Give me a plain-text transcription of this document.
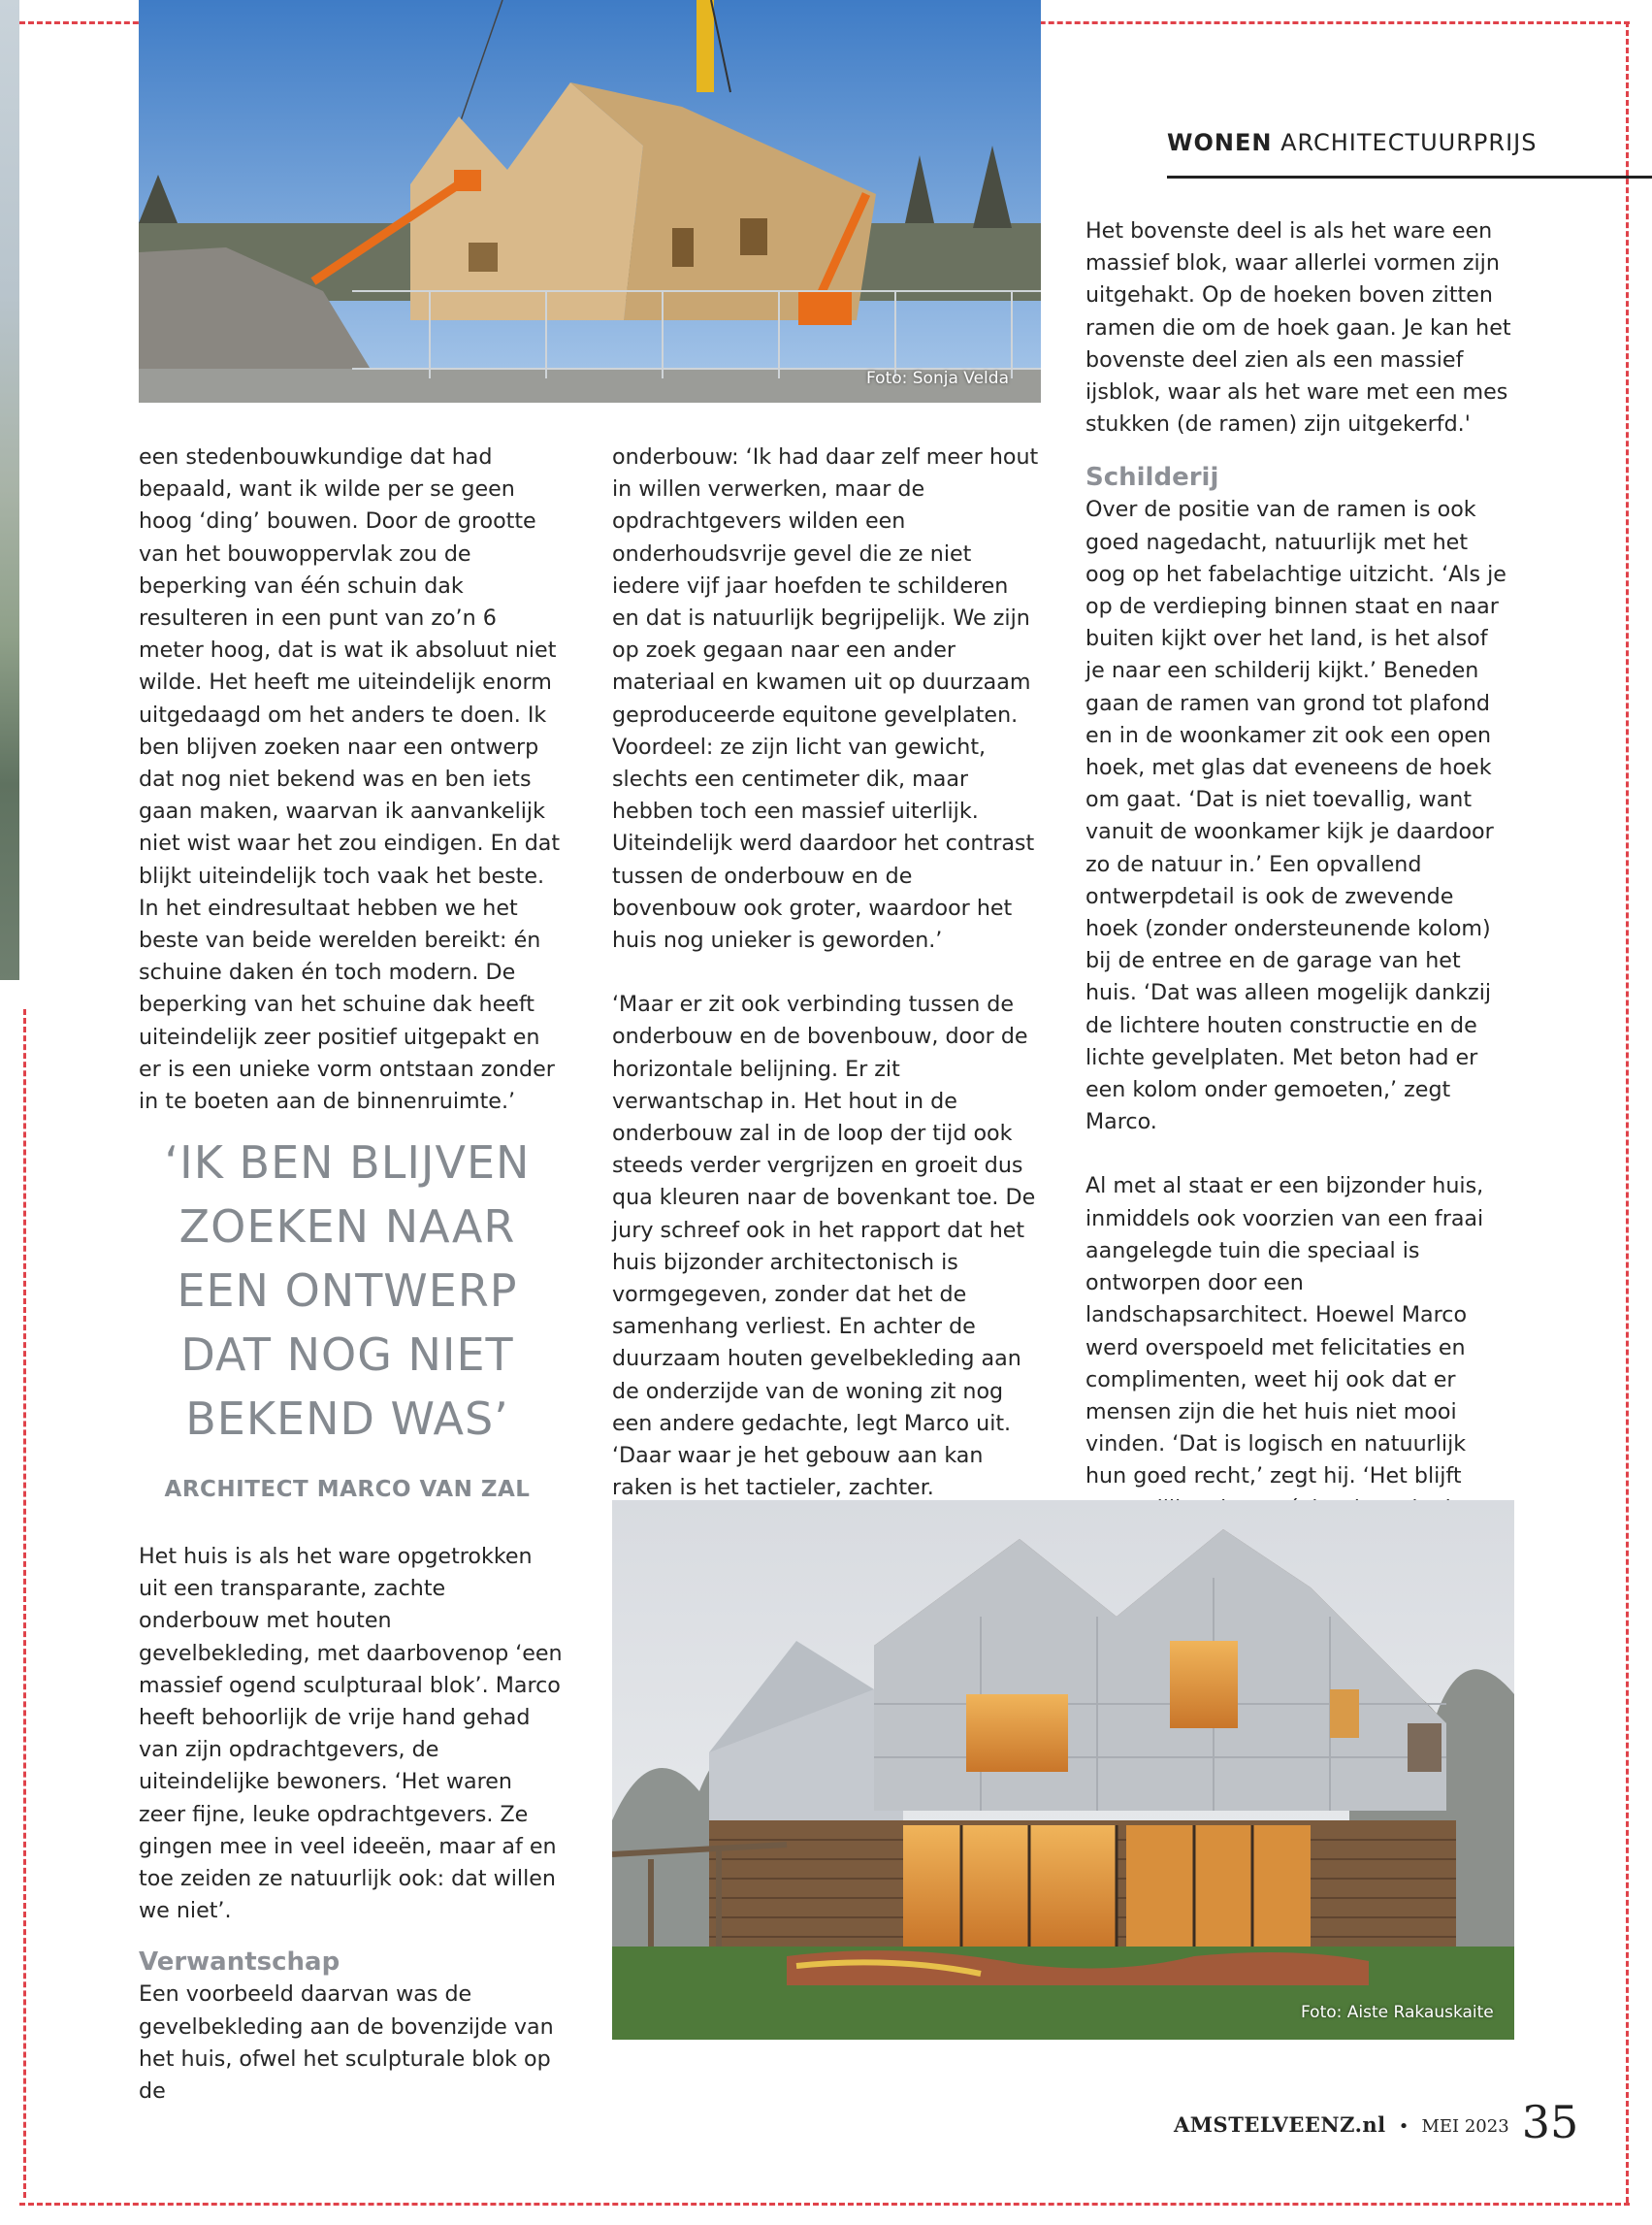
WONEN ARCHITECTUURPRIJS
Foto: Sonja Velda

een stedenbouwkundige dat had bepaald, want ik wilde per se geen hoog ‘ding’ bouwen. Door de grootte van het bouwoppervlak zou de beperking van één schuin dak resulteren in een punt van zo’n 6 meter hoog, dat is wat ik absoluut niet wilde. Het heeft me uiteindelijk enorm uitgedaagd om het anders te doen. Ik ben blijven zoeken naar een ontwerp dat nog niet bekend was en ben iets gaan maken, waarvan ik aanvankelijk niet wist waar het zou eindigen. En dat blijkt uiteindelijk toch vaak het beste. In het eindresultaat hebben we het beste van beide werelden bereikt: én schuine daken én toch modern. De beperking van het schuine dak heeft uiteindelijk zeer positief uitgepakt en er is een unieke vorm ontstaan zonder in te boeten aan de binnenruimte.’

‘IK BEN BLIJVEN ZOEKEN NAAR EEN ONTWERP DAT NOG NIET BEKEND WAS’
ARCHITECT MARCO VAN ZAL

Het huis is als het ware opgetrokken uit een transparante, zachte onderbouw met houten gevelbekleding, met daarbovenop ‘een massief ogend sculpturaal blok’. Marco heeft behoorlijk de vrije hand gehad van zijn opdrachtgevers, de uiteindelijke bewoners. ‘Het waren zeer fijne, leuke opdrachtgevers. Ze gingen mee in veel ideeën, maar af en toe zeiden ze natuurlijk ook: dat willen we niet’.

Verwantschap

Een voorbeeld daarvan was de gevelbekleding aan de bovenzijde van het huis, ofwel het sculpturale blok op de

onderbouw: ‘Ik had daar zelf meer hout in willen verwerken, maar de opdrachtgevers wilden een onderhoudsvrije gevel die ze niet iedere vijf jaar hoefden te schilderen en dat is natuurlijk begrijpelijk. We zijn op zoek gegaan naar een ander materiaal en kwamen uit op duurzaam geproduceerde equitone gevelplaten. Voordeel: ze zijn licht van gewicht, slechts een centimeter dik, maar hebben toch een massief uiterlijk. Uiteindelijk werd daardoor het contrast tussen de onderbouw en de bovenbouw ook groter, waardoor het huis nog unieker is geworden.’

‘Maar er zit ook verbinding tussen de onderbouw en de bovenbouw, door de horizontale belijning. Er zit verwantschap in. Het hout in de onderbouw zal in de loop der tijd ook steeds verder vergrijzen en groeit dus qua kleuren naar de bovenkant toe. De jury schreef ook in het rapport dat het huis bijzonder architectonisch is vormgegeven, zonder dat het de samenhang verliest. En achter de duurzaam houten gevelbekleding aan de onderzijde van de woning zit nog een andere gedachte, legt Marco uit. ‘Daar waar je het gebouw aan kan raken is het tactieler, zachter.

Het bovenste deel is als het ware een massief blok, waar allerlei vormen zijn uitgehakt. Op de hoeken boven zitten ramen die om de hoek gaan. Je kan het bovenste deel zien als een massief ijsblok, waar als het ware met een mes stukken (de ramen) zijn uitgekerfd.'

Schilderij

Over de positie van de ramen is ook goed nagedacht, natuurlijk met het oog op het fabelachtige uitzicht. ‘Als je op de verdieping binnen staat en naar buiten kijkt over het land, is het alsof je naar een schilderij kijkt.’ Beneden gaan de ramen van grond tot plafond en in de woonkamer zit ook een open hoek, met glas dat eveneens de hoek om gaat. ‘Dat is niet toevallig, want vanuit de woonkamer kijk je daardoor zo de natuur in.’ Een opvallend ontwerpdetail is ook de zwevende hoek (zonder ondersteunende kolom) bij de entree en de garage van het huis. ‘Dat was alleen mogelijk dankzij de lichtere houten constructie en de lichte gevelplaten. Met beton had er een kolom onder gemoeten,’ zegt Marco.

Al met al staat er een bijzonder huis, inmiddels ook voorzien van een fraai aangelegde tuin die speciaal is ontworpen door een landschapsarchitect. Hoewel Marco werd overspoeld met felicitaties en complimenten, weet hij ook dat er mensen zijn die het huis niet mooi vinden. ‘Dat is logisch en natuurlijk hun goed recht,’ zegt hij. ‘Het blijft

Foto: Aiste Rakauskaite
AMSTELVEENZ.nl • MEI 2023 35
